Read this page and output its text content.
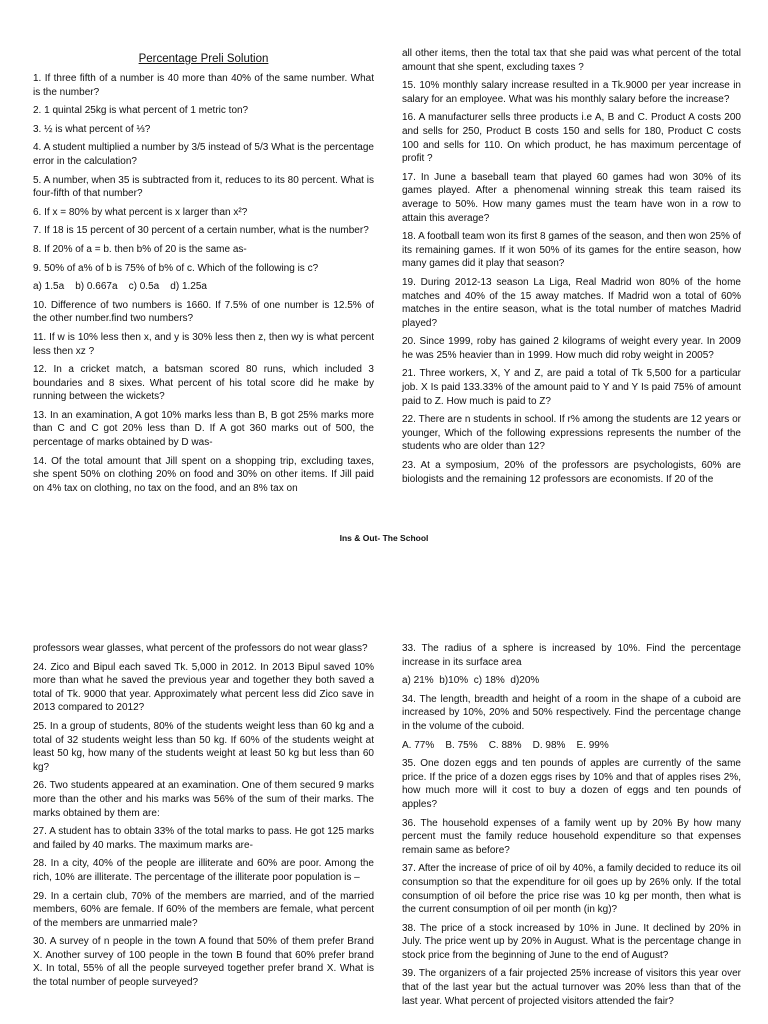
Percentage Preli Solution

1. If three fifth of a number is 40 more than 40% of the same number. What is the number?

2. 1 quintal 25kg is what percent of 1 metric ton?

3. ½ is what percent of ⅓?

4. A student multiplied a number by 3/5 instead of 5/3 What is the percentage error in the calculation?

5. A number, when 35 is subtracted from it, reduces to its 80 percent. What is four-fifth of that number?

6. If x = 80% by what percent is x larger than x²?

7. If 18 is 15 percent of 30 percent of a certain number, what is the number?

8. If 20% of a = b. then b% of 20 is the same as-

9. 50% of a% of b is 75% of b% of c. Which of the following is c?

a) 1.5a    b) 0.667a    c) 0.5a    d) 1.25a

10. Difference of two numbers is 1660. If 7.5% of one number is 12.5% of the other number.find two numbers?

11. If w is 10% less then x, and y is 30% less then z, then wy is what percent less then xz ?

12. In a cricket match, a batsman scored 80 runs, which included 3 boundaries and 8 sixes. What percent of his total score did he make by running between the wickets?

13. In an examination, A got 10% marks less than B, B got 25% marks more than C and C got 20% less than D. If A got 360 marks out of 500, the percentage of marks obtained by D was-

14. Of the total amount that Jill spent on a shopping trip, excluding taxes, she spent 50% on clothing 20% on food and 30% on other items. If Jill paid on 4% tax on clothing, no tax on the food, and an 8% tax on

all other items, then the total tax that she paid was what percent of the total amount that she spent, excluding taxes ?

15. 10% monthly salary increase resulted in a Tk.9000 per year increase in salary for an employee. What was his monthly salary before the increase?

16. A manufacturer sells three products i.e A, B and C. Product A costs 200 and sells for 250, Product B costs 150 and sells for 180, Product C costs 100 and sells for 110. On which product, he has maximum percentage of profit ?

17. In June a baseball team that played 60 games had won 30% of its games played. After a phenomenal winning streak this team raised its average to 50%. How many games must the team have won in a row to attain this average?

18. A football team won its first 8 games of the season, and then won 25% of its remaining games. If it won 50% of its games for the entire season, how many games did it play that season?

19. During 2012-13 season La Liga, Real Madrid won 80% of the home matches and 40% of the 15 away matches. If Madrid won a total of 60% matches in the entire season, what is the total number of matches Madrid played?

20. Since 1999, roby has gained 2 kilograms of weight every year. In 2009 he was 25% heavier than in 1999. How much did roby weight in 2005?

21. Three workers, X, Y and Z, are paid a total of Tk 5,500 for a particular job. X Is paid 133.33% of the amount paid to Y and Y Is paid 75% of amount paid to Z. How much is paid to Z?

22. There are n students in school. If r% among the students are 12 years or younger, Which of the following expressions represents the number of the students who are older than 12?

23. At a symposium, 20% of the professors are psychologists, 60% are biologists and the remaining 12 professors are economists. If 20 of the

Ins & Out- The School

professors wear glasses, what percent of the professors do not wear glass?

24. Zico and Bipul each saved Tk. 5,000 in 2012. In 2013 Bipul saved 10% more than what he saved the previous year and together they both saved a total of Tk. 9000 that year. Approximately what percent less did Zico save in 2013 compared to 2012?

25. In a group of students, 80% of the students weight less than 60 kg and a total of 32 students weight less than 50 kg. If 60% of the students weight at least 50 kg, how many of the students weight at least 50 kg but less than 60 kg?

26. Two students appeared at an examination. One of them secured 9 marks more than the other and his marks was 56% of the sum of their marks. The marks obtained by them are:

27. A student has to obtain 33% of the total marks to pass. He got 125 marks and failed by 40 marks. The maximum marks are-

28. In a city, 40% of the people are illiterate and 60% are poor. Among the rich, 10% are illiterate. The percentage of the illiterate poor population is –

29. In a certain club, 70% of the members are married, and of the married members, 60% are female. If 60% of the members are female, what percent of the members are unmarried male?

30. A survey of n people in the town A found that 50% of them prefer Brand X. Another survey of 100 people in the town B found that 60% prefer brand X. In total, 55% of all the people surveyed together prefer brand X. What is the total number of people surveyed?

33. The radius of a sphere is increased by 10%. Find the percentage increase in its surface area

a) 21%  b)10%  c) 18%  d)20%

34. The length, breadth and height of a room in the shape of a cuboid are increased by 10%, 20% and 50% respectively. Find the percentage change in the volume of the cuboid.

A. 77%    B. 75%    C. 88%    D. 98%    E. 99%

35. One dozen eggs and ten pounds of apples are currently of the same price. If the price of a dozen eggs rises by 10% and that of apples rises 2%, how much more will it cost to buy a dozen of eggs and ten pounds of apples?

36. The household expenses of a family went up by 20% By how many percent must the family reduce household expenditure so that expenses remain same as before?

37. After the increase of price of oil by 40%, a family decided to reduce its oil consumption so that the expenditure for oil goes up by 26% only. If the total consumption of oil before the price rise was 10 kg per month, then what is the current consumption of oil per month (in kg)?

38. The price of a stock increased by 10% in June. It declined by 20% in July. The price went up by 20% in August. What is the percentage change in stock price from the beginning of June to the end of August?

39. The organizers of a fair projected 25% increase of visitors this year over that of the last year but the actual turnover was 20% less than that of the last year. What percent of projected visitors attended the fair?
